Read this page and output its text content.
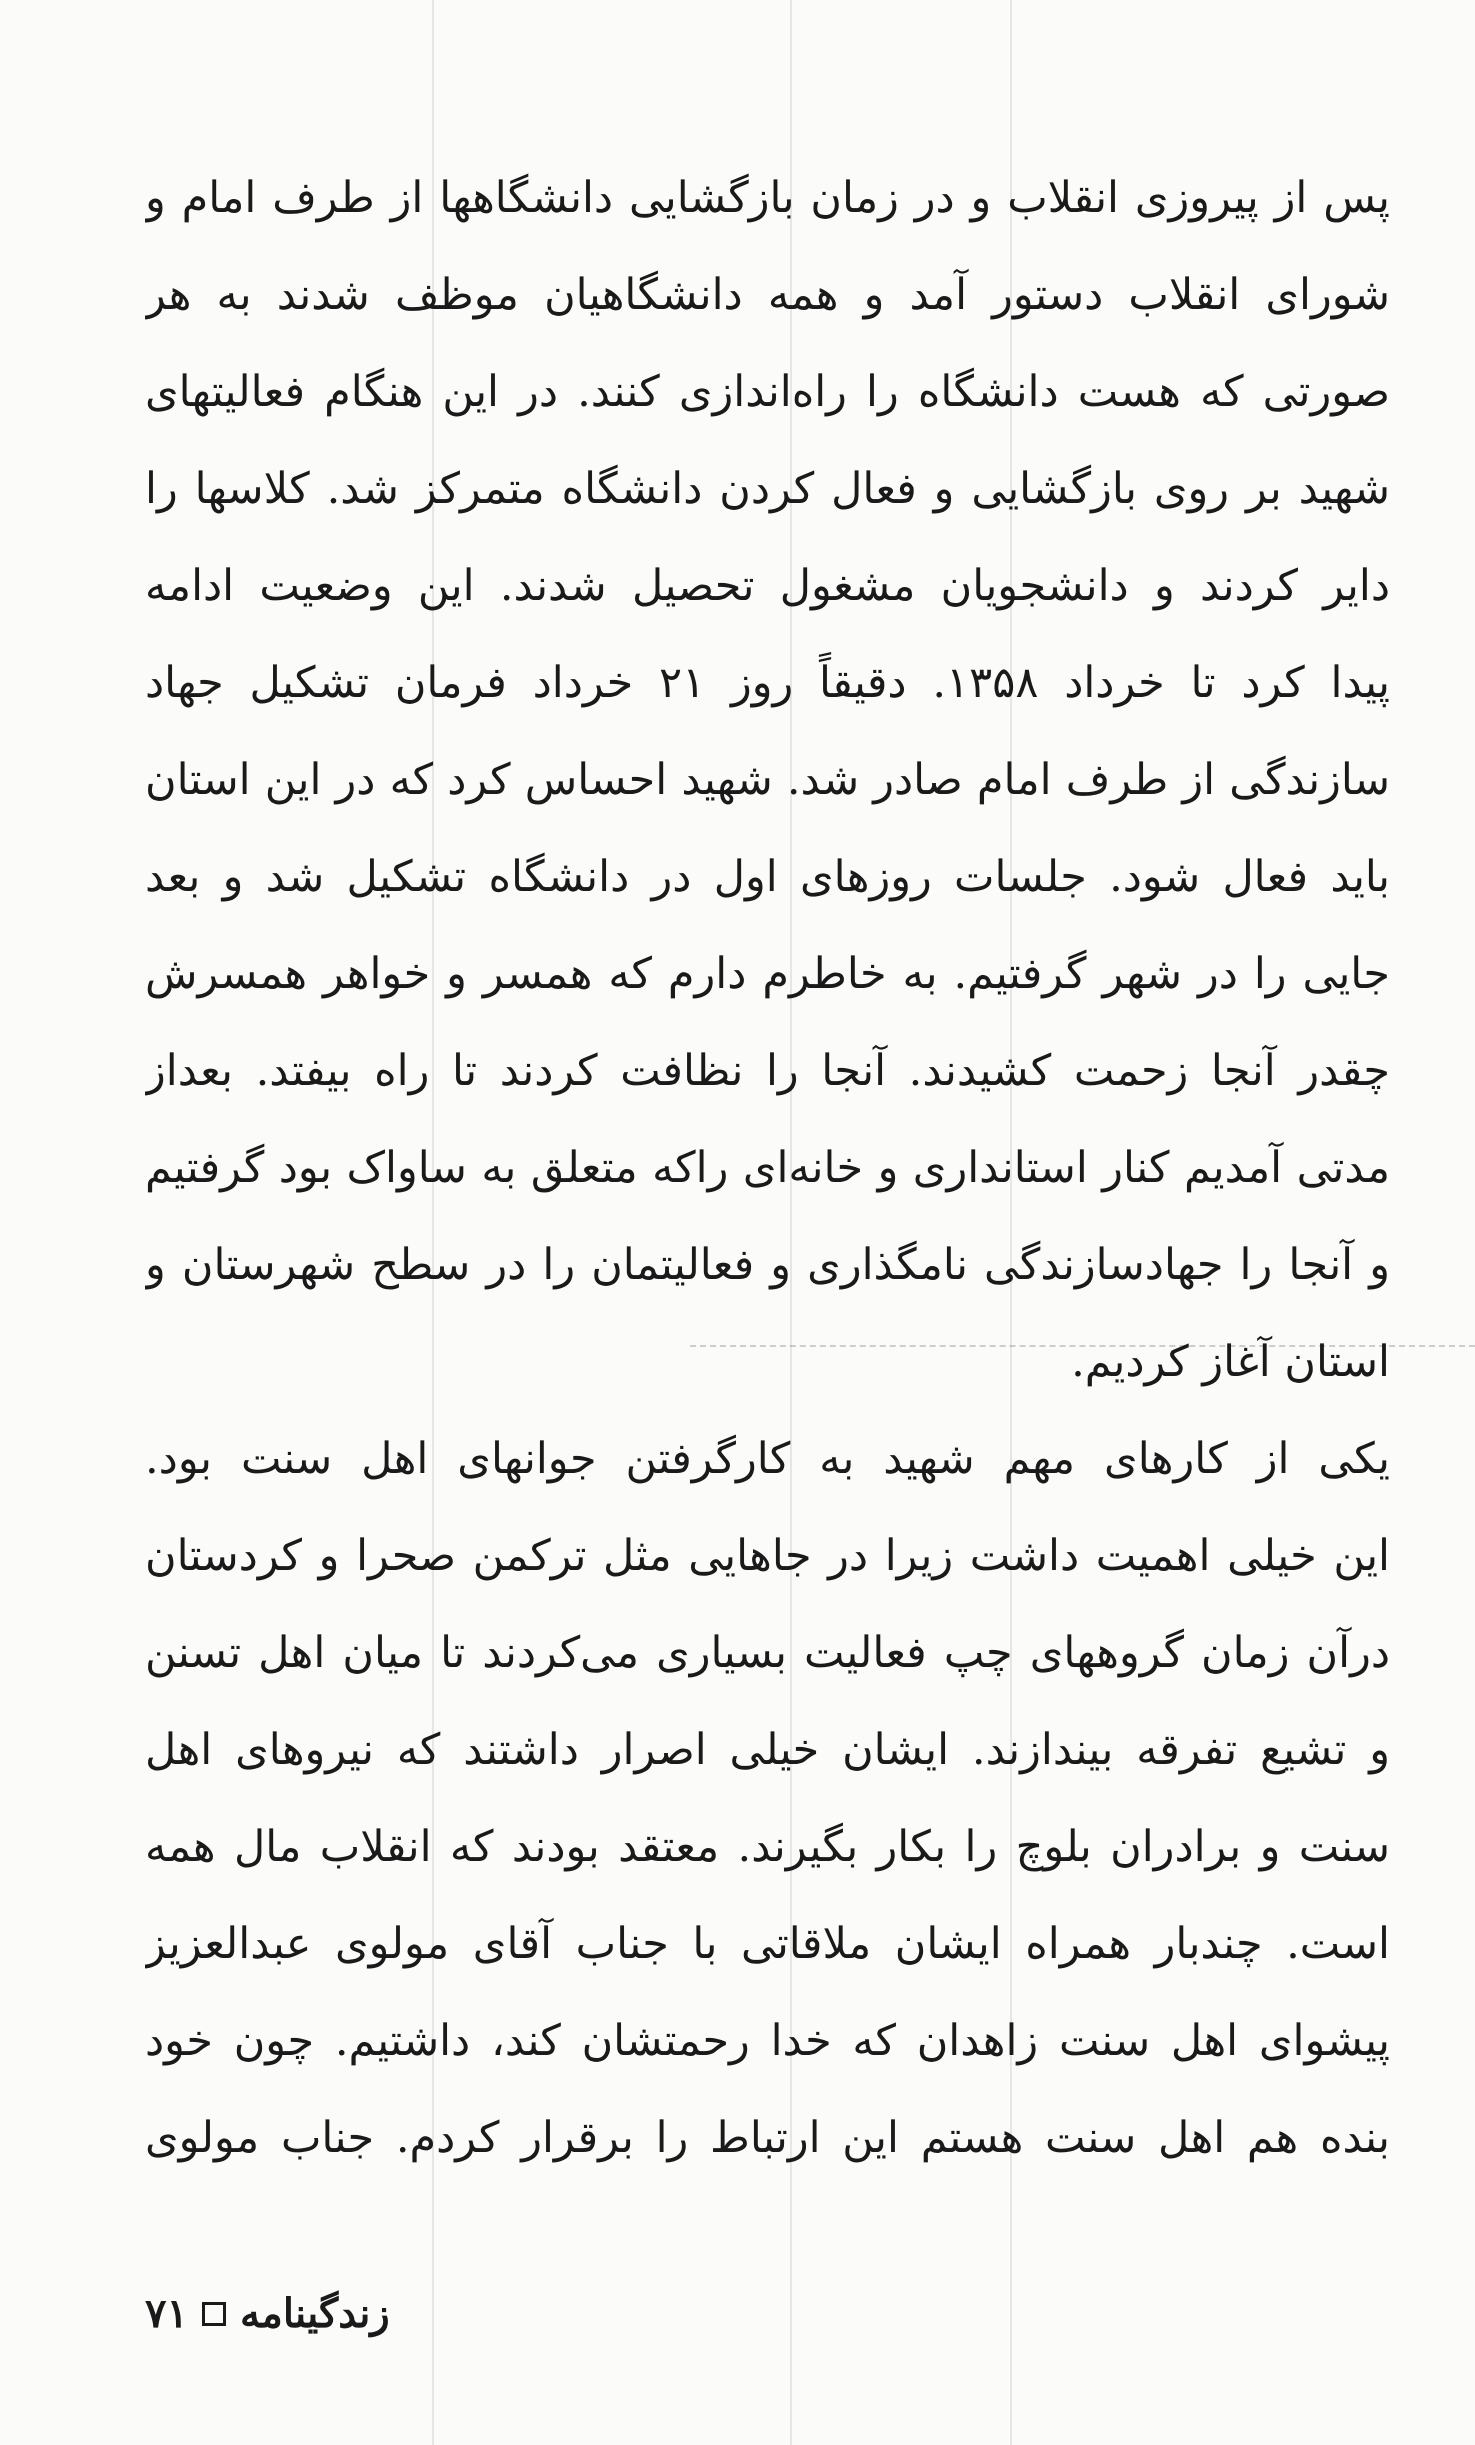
پس از پیروزی انقلاب و در زمان بازگشایی دانشگاهها از طرف امام و
شورای انقلاب دستور آمد و همه دانشگاهیان موظف شدند به هر
صورتی که هست دانشگاه را راه‌اندازی کنند. در این هنگام فعالیتهای
شهید بر روی بازگشایی و فعال کردن دانشگاه متمرکز شد. کلاسها را
دایر کردند و دانشجویان مشغول تحصیل شدند. این وضعیت ادامه
پیدا کرد تا خرداد ۱۳۵۸. دقیقاً روز ۲۱ خرداد فرمان تشکیل جهاد
سازندگی از طرف امام صادر شد. شهید احساس کرد که در این استان
باید فعال شود. جلسات روزهای اول در دانشگاه تشکیل شد و بعد
جایی را در شهر گرفتیم. به خاطرم دارم که همسر و خواهر همسرش
چقدر آنجا زحمت کشیدند. آنجا را نظافت کردند تا راه بیفتد. بعداز
مدتی آمدیم کنار استانداری و خانه‌ای راکه متعلق به ساواک بود گرفتیم
و آنجا را جهادسازندگی نامگذاری و فعالیتمان را در سطح شهرستان و
استان آغاز کردیم.
یکی از کارهای مهم شهید به کارگرفتن جوانهای اهل سنت بود.
این خیلی اهمیت داشت زیرا در جاهایی مثل ترکمن صحرا و کردستان
درآن زمان گروههای چپ فعالیت بسیاری می‌کردند تا میان اهل تسنن
و تشیع تفرقه بیندازند. ایشان خیلی اصرار داشتند که نیروهای اهل
سنت و برادران بلوچ را بکار بگیرند. معتقد بودند که انقلاب مال همه
است. چندبار همراه ایشان ملاقاتی با جناب آقای مولوی عبدالعزیز
پیشوای اهل سنت زاهدان که خدا رحمتشان کند، داشتیم. چون خود
بنده هم اهل سنت هستم این ارتباط را برقرار کردم. جناب مولوی
زندگینامه
۷۱
